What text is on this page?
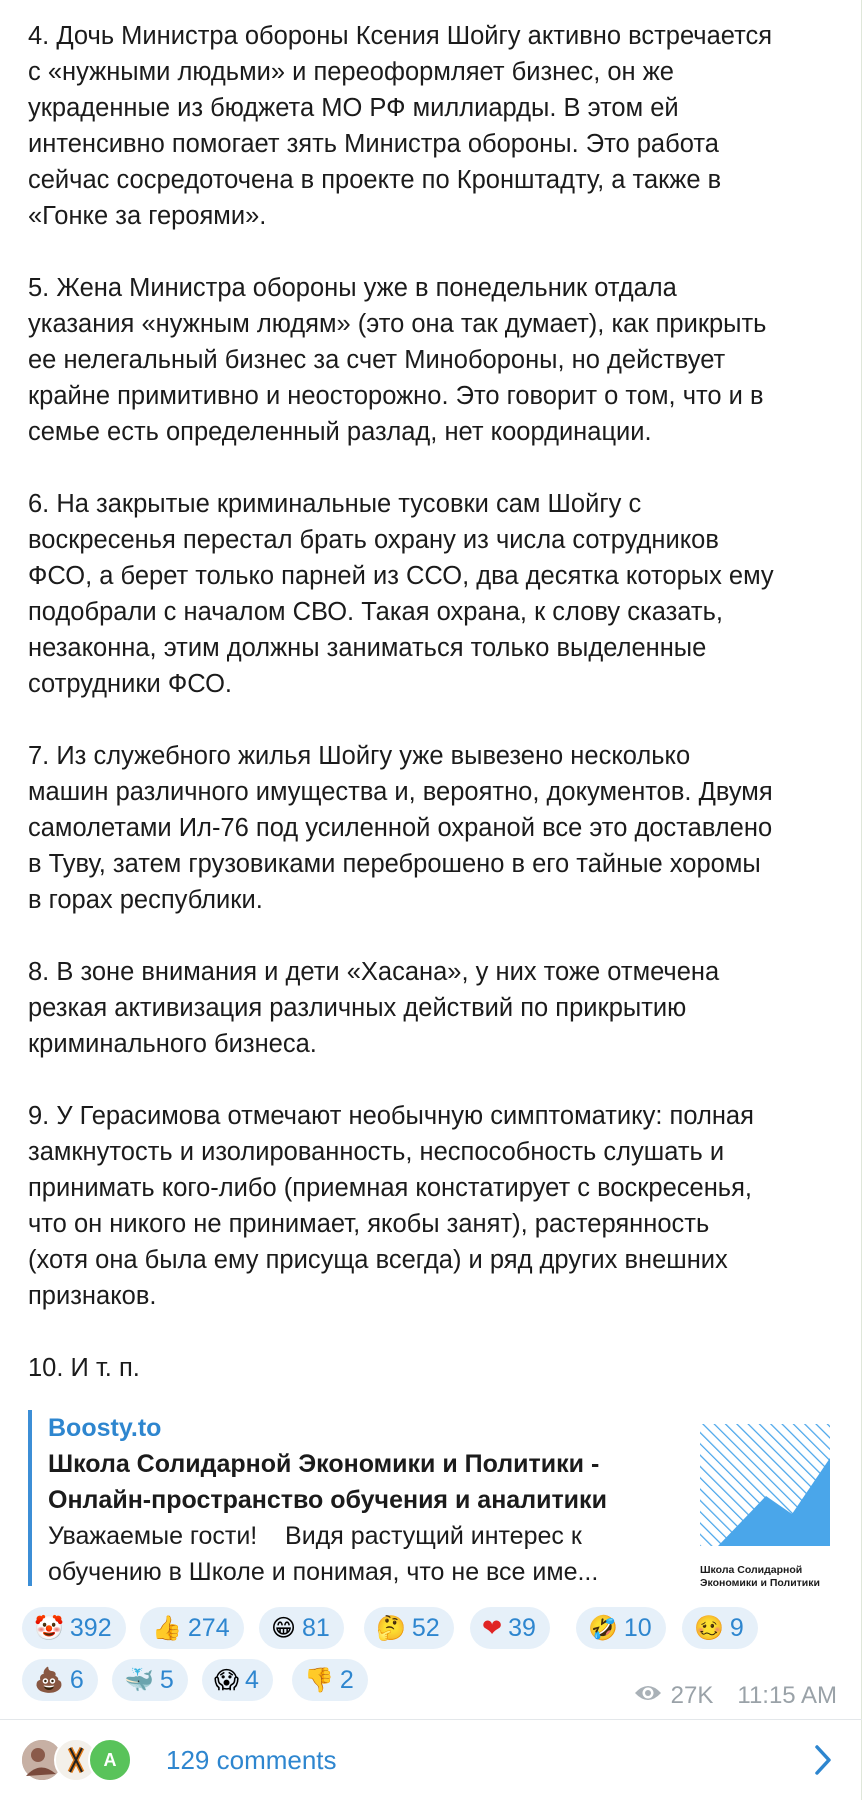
4. Дочь Министра обороны Ксения Шойгу активно встречается
с «нужными людьми» и переоформляет бизнес, он же
украденные из бюджета МО РФ миллиарды. В этом ей
интенсивно помогает зять Министра обороны. Это работа
сейчас сосредоточена в проекте по Кронштадту, а также в
«Гонке за героями».
5. Жена Министра обороны уже в понедельник отдала
указания «нужным людям» (это она так думает), как прикрыть
ее нелегальный бизнес за счет Минобороны, но действует
крайне примитивно и неосторожно. Это говорит о том, что и в
семье есть определенный разлад, нет координации.
6. На закрытые криминальные тусовки сам Шойгу с
воскресенья перестал брать охрану из числа сотрудников
ФСО, а берет только парней из ССО, два десятка которых ему
подобрали с началом СВО. Такая охрана, к слову сказать,
незаконна, этим должны заниматься только выделенные
сотрудники ФСО.
7. Из служебного жилья Шойгу уже вывезено несколько
машин различного имущества и, вероятно, документов. Двумя
самолетами Ил-76 под усиленной охраной все это доставлено
в Туву, затем грузовиками переброшено в его тайные хоромы
в горах республики.
8. В зоне внимания и дети «Хасана», у них тоже отмечена
резкая активизация различных действий по прикрытию
криминального бизнеса.
9. У Герасимова отмечают необычную симптоматику: полная
замкнутость и изолированность, неспособность слушать и
принимать кого-либо (приемная констатирует с воскресенья,
что он никого не принимает, якобы занят), растерянность
(хотя она была ему присуща всегда) и ряд других внешних
признаков.
10. И т. п.
Boosty.to
Школа Солидарной Экономики и Политики - Онлайн-пространство обучения и аналитики
Уважаемые гости!    Видя растущий интерес к обучению в Школе и понимая, что не все име...	Школа Солидарной Экономики и Политики
🤡 392 👍 274 😁 81 🤔 52 ❤ 39 🤣 10 🥴 9
💩 6 🐳 5 😱 4 👎 2
27K 11:15 AM
A 129 comments
